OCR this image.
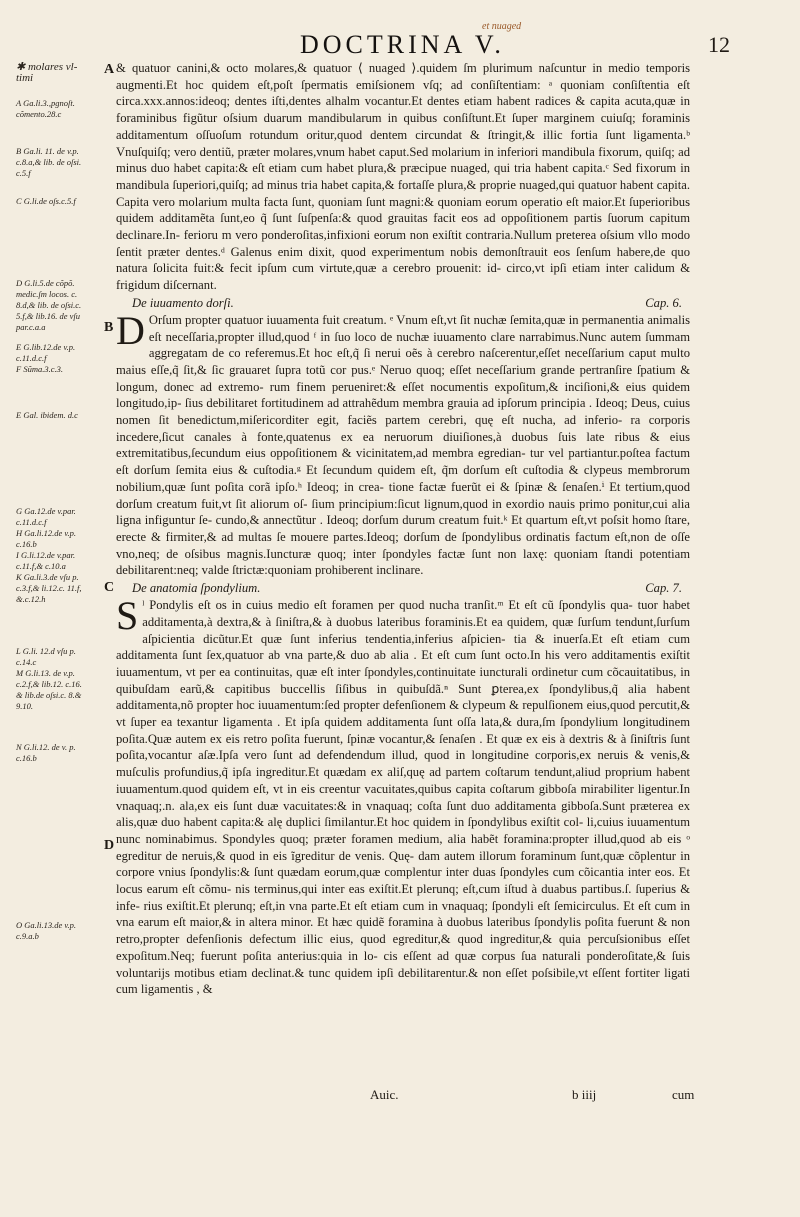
DOCTRINA V.
et nuaged
12
✱ molares vl-
timi
A Ga.li.3.,pgnoſt.
cõmento.28.c
B Ga.li. 11. de v.p.
c.8.a,& lib. de oſsi.
c.5.f
C G.li.de oſs.c.5.f
D G.li.5.de cõpõ.
medic.ſm locos. c.
8.d,& lib. de oſsi.c.
5.f,& lib.16. de vſu
par.c.a.a
E G.lib.12.de v.p.
c.11.d.c.f
F Sũma.3.c.3.
E Gal. ibidem. d.c
G Ga.12.de v.par.
c.11.d.c.f
H Ga.li.12.de v.p.
c.16.b
I G.li.12.de v.par.
c.11.f,& c.10.a
K Ga.li.3.de vſu p.
c.3.f,& li.12.c. 11.f,
&.c.12.h
L G.li. 12.d vſu p.
c.14.c
M G.li.13. de v.p.
c.2.f,& lib.12. c.16.
& lib.de oſsi.c. 8.&
9.10.
N G.li.12. de v. p.
c.16.b
O Ga.li.13.de v.p.
c.9.a.b
A
B
C
D

& quatuor canini,& octo molares,& quatuor ⟨ nuaged ⟩.quidem ſm plurimum naſcuntur in medio temporis augmenti.Et hoc quidem eſt,poſt ſpermatis emiſsionem vſq; ad conſiſtentiam: ᵃ quoniam conſiſtentia eſt circa.xxx.annos:ideoq; dentes iſti,dentes alhalm vocantur.Et dentes etiam habent radices & capita acuta,quæ in foraminibus figũtur oſsium duarum mandibularum in quibus conſiſtunt.Et ſuper marginem cuiuſq; foraminis additamentum oſſuoſum rotundum oritur,quod dentem circundat & ſtringit,& illic fortia ſunt ligamenta.ᵇ Vnuſquiſq; vero dentiũ, præter molares,vnum habet caput.Sed molarium in inferiori mandibula fixorum, quiſq; ad minus duo habet capita:& eſt etiam cum habet plura,& præcipue nuaged, qui tria habent capita.ᶜ Sed fixorum in mandibula ſuperiori,quiſq; ad minus tria habet capita,& fortaſſe plura,& proprie nuaged,qui quatuor habent capita. Capita vero molarium multa facta ſunt, quoniam ſunt magni:& quoniam eorum operatio eſt maior.Et ſuperioribus quidem additamẽta ſunt,eo q̃ ſunt ſuſpenſa:& quod grauitas facit eos ad oppoſitionem partis ſuorum capitum declinare.In‑ ferioru m vero ponderoſitas,infixioni eorum non exiſtit contraria.Nullum preterea oſsium vllo modo ſentit præter dentes.ᵈ Galenus enim dixit, quod experimentum nobis demonſtrauit eos ſenſum habere,de quo natura ſolicita fuit:& fecit ipſum cum virtute,quæ a cerebro prouenit: id‑ circo,vt ipſi etiam inter calidum & frigidum diſcernant.

De iuuamento dorſi.	Cap. 6.

D Orſum propter quatuor iuuamenta fuit creatum. ᵉ Vnum eſt,vt ſit nuchæ ſemita,quæ in permanentia animalis eſt neceſſaria,propter illud,quod ᶠ in ſuo loco de nuchæ iuuamento clare narrabimus.Nunc autem ſummam aggregatam de co referemus.Et hoc eſt,q̃ ſi nerui oẽs à cerebro naſcerentur,eſſet neceſſarium caput multo maius eſſe,q̃ ſit,& ſic grauaret ſupra totũ cor pus.ᵉ Neruo quoq; eſſet neceſſarium grande pertranſire ſpatium & longum, donec ad extremo‑ rum finem perueniret:& eſſet nocumentis expoſitum,& inciſioni,& eius quidem longitudo,ip‑ ſius debilitaret fortitudinem ad attrahẽdum membra grauia ad ipſorum principia . Ideoq; Deus, cuius nomen ſit benedictum,miſericorditer egit, faciẽs partem cerebri, quę eſt nucha, ad inferio‑ ra corporis incedere,ſicut canales à fonte,quatenus ex ea neruorum diuiſiones,à duobus ſuis late ribus & eius extremitatibus,ſecundum eius oppoſitionem & vicinitatem,ad membra egredian‑ tur vel partiantur.poſtea factum eſt dorſum ſemita eius & cuſtodia.ᵍ Et ſecundum quidem eſt, q̃m dorſum eſt cuſtodia & clypeus membrorum nobilium,quæ ſunt poſita corã ipſo.ʰ Ideoq; in crea‑ tione factæ fuerũt ei & ſpinæ & ſenaſen.ⁱ Et tertium,quod dorſum creatum fuit,vt ſit aliorum oſ‑ ſium principium:ſicut lignum,quod in exordio nauis primo ponitur,cui alia ligna infiguntur ſe‑ cundo,& annectũtur . Ideoq; dorſum durum creatum fuit.ᵏ Et quartum eſt,vt poſsit homo ſtare, erecte & firmiter,& ad multas ſe mouere partes.Ideoq; dorſum de ſpondylibus ordinatis factum eſt,non de oſſe vno,neq; de oſsibus magnis.Iuncturæ quoq; inter ſpondyles factæ ſunt non laxę: quoniam ſtandi potentiam debilitarent:neq; valde ſtrictæ:quoniam prohiberent inclinare.

De anatomia ſpondylium.	Cap. 7.

S ˡ Pondylis eſt os in cuius medio eſt foramen per quod nucha tranſit.ᵐ Et eſt cũ ſpondylis qua‑ tuor habet additamenta,à dextra,& à ſiniſtra,& à duobus lateribus foraminis.Et ea quidem, quæ ſurſum tendunt,ſurſum aſpicientia dicũtur.Et quæ ſunt inferius tendentia,inferius aſpicien‑ tia & inuerſa.Et eſt etiam cum additamenta ſunt ſex,quatuor ab vna parte,& duo ab alia . Et eſt cum ſunt octo.In his vero additamentis exiſtit iuuamentum, vt per ea continuitas, quæ eſt inter ſpondyles,continuitate iuncturali ordinetur cum cõcauitatibus, in quibuſdam earũ,& capitibus buccellis ſiſibus in quibuſdã.ⁿ Sunt ꝑterea,ex ſpondylibus,q̃ alia habent additamenta,nõ propter hoc iuuamentum:ſed propter defenſionem & clypeum & repulſionem eius,quod percutit,& vt ſuper ea texantur ligamenta . Et ipſa quidem additamenta ſunt oſſa lata,& dura,ſm ſpondylium longitudinem poſita.Quæ autem ex eis retro poſita fuerunt, ſpinæ vocantur,& ſenaſen . Et quæ ex eis à dextris & à ſiniſtris ſunt poſita,vocantur aſæ.Ipſa vero ſunt ad defendendum illud, quod in longitudine corporis,ex neruis & venis,& muſculis profundius,q̃ ipſa ingreditur.Et quædam ex aliſ,quę ad partem coſtarum tendunt,aliud proprium habent iuuamentum.quod quidem eſt, vt in eis creentur vacuitates,quibus capita coſtarum gibboſa mirabiliter ligentur.In vnaquaq;.n. ala,ex eis ſunt duæ vacuitates:& in vnaquaq; coſta ſunt duo additamenta gibboſa.Sunt præterea ex alis,quæ duo habent capita:& alę duplici ſimilantur.Et hoc quidem in ſpondylibus exiſtit col‑ li,cuius iuuamentum nunc nominabimus. Spondyles quoq; præter foramen medium, alia habẽt foramina:propter illud,quod ab eis ᵒ egreditur de neruis,& quod in eis ĩgreditur de venis. Quę‑ dam autem illorum foraminum ſunt,quæ cõplentur in corpore vnius ſpondylis:& ſunt quædam eorum,quæ complentur inter duas ſpondyles cum cõicantia inter eos. Et locus earum eſt cõmu‑ nis terminus,qui inter eas exiſtit.Et plerunq; eſt,cum iſtud à duabus partibus.ſ. ſuperius & infe‑ rius exiſtit.Et plerunq; eſt,in vna parte.Et eſt etiam cum in vnaquaq; ſpondyli eſt ſemicirculus. Et eſt cum in vna earum eſt maior,& in altera minor. Et hæc quidẽ foramina à duobus lateribus ſpondylis poſita fuerunt & non retro,propter defenſionis defectum illic eius, quod egreditur,& quod ingreditur,& quia percuſsionibus eſſet expoſitum.Neq; fuerunt poſita anterius:quia in lo‑ cis eſſent ad quæ corpus ſua naturali ponderoſitate,& ſuis voluntarijs motibus etiam declinat.& tunc quidem ipſi debilitarentur.& non eſſet poſsibile,vt eſſent fortiter ligati cum ligamentis , &

Auic.	b iiij	cum
